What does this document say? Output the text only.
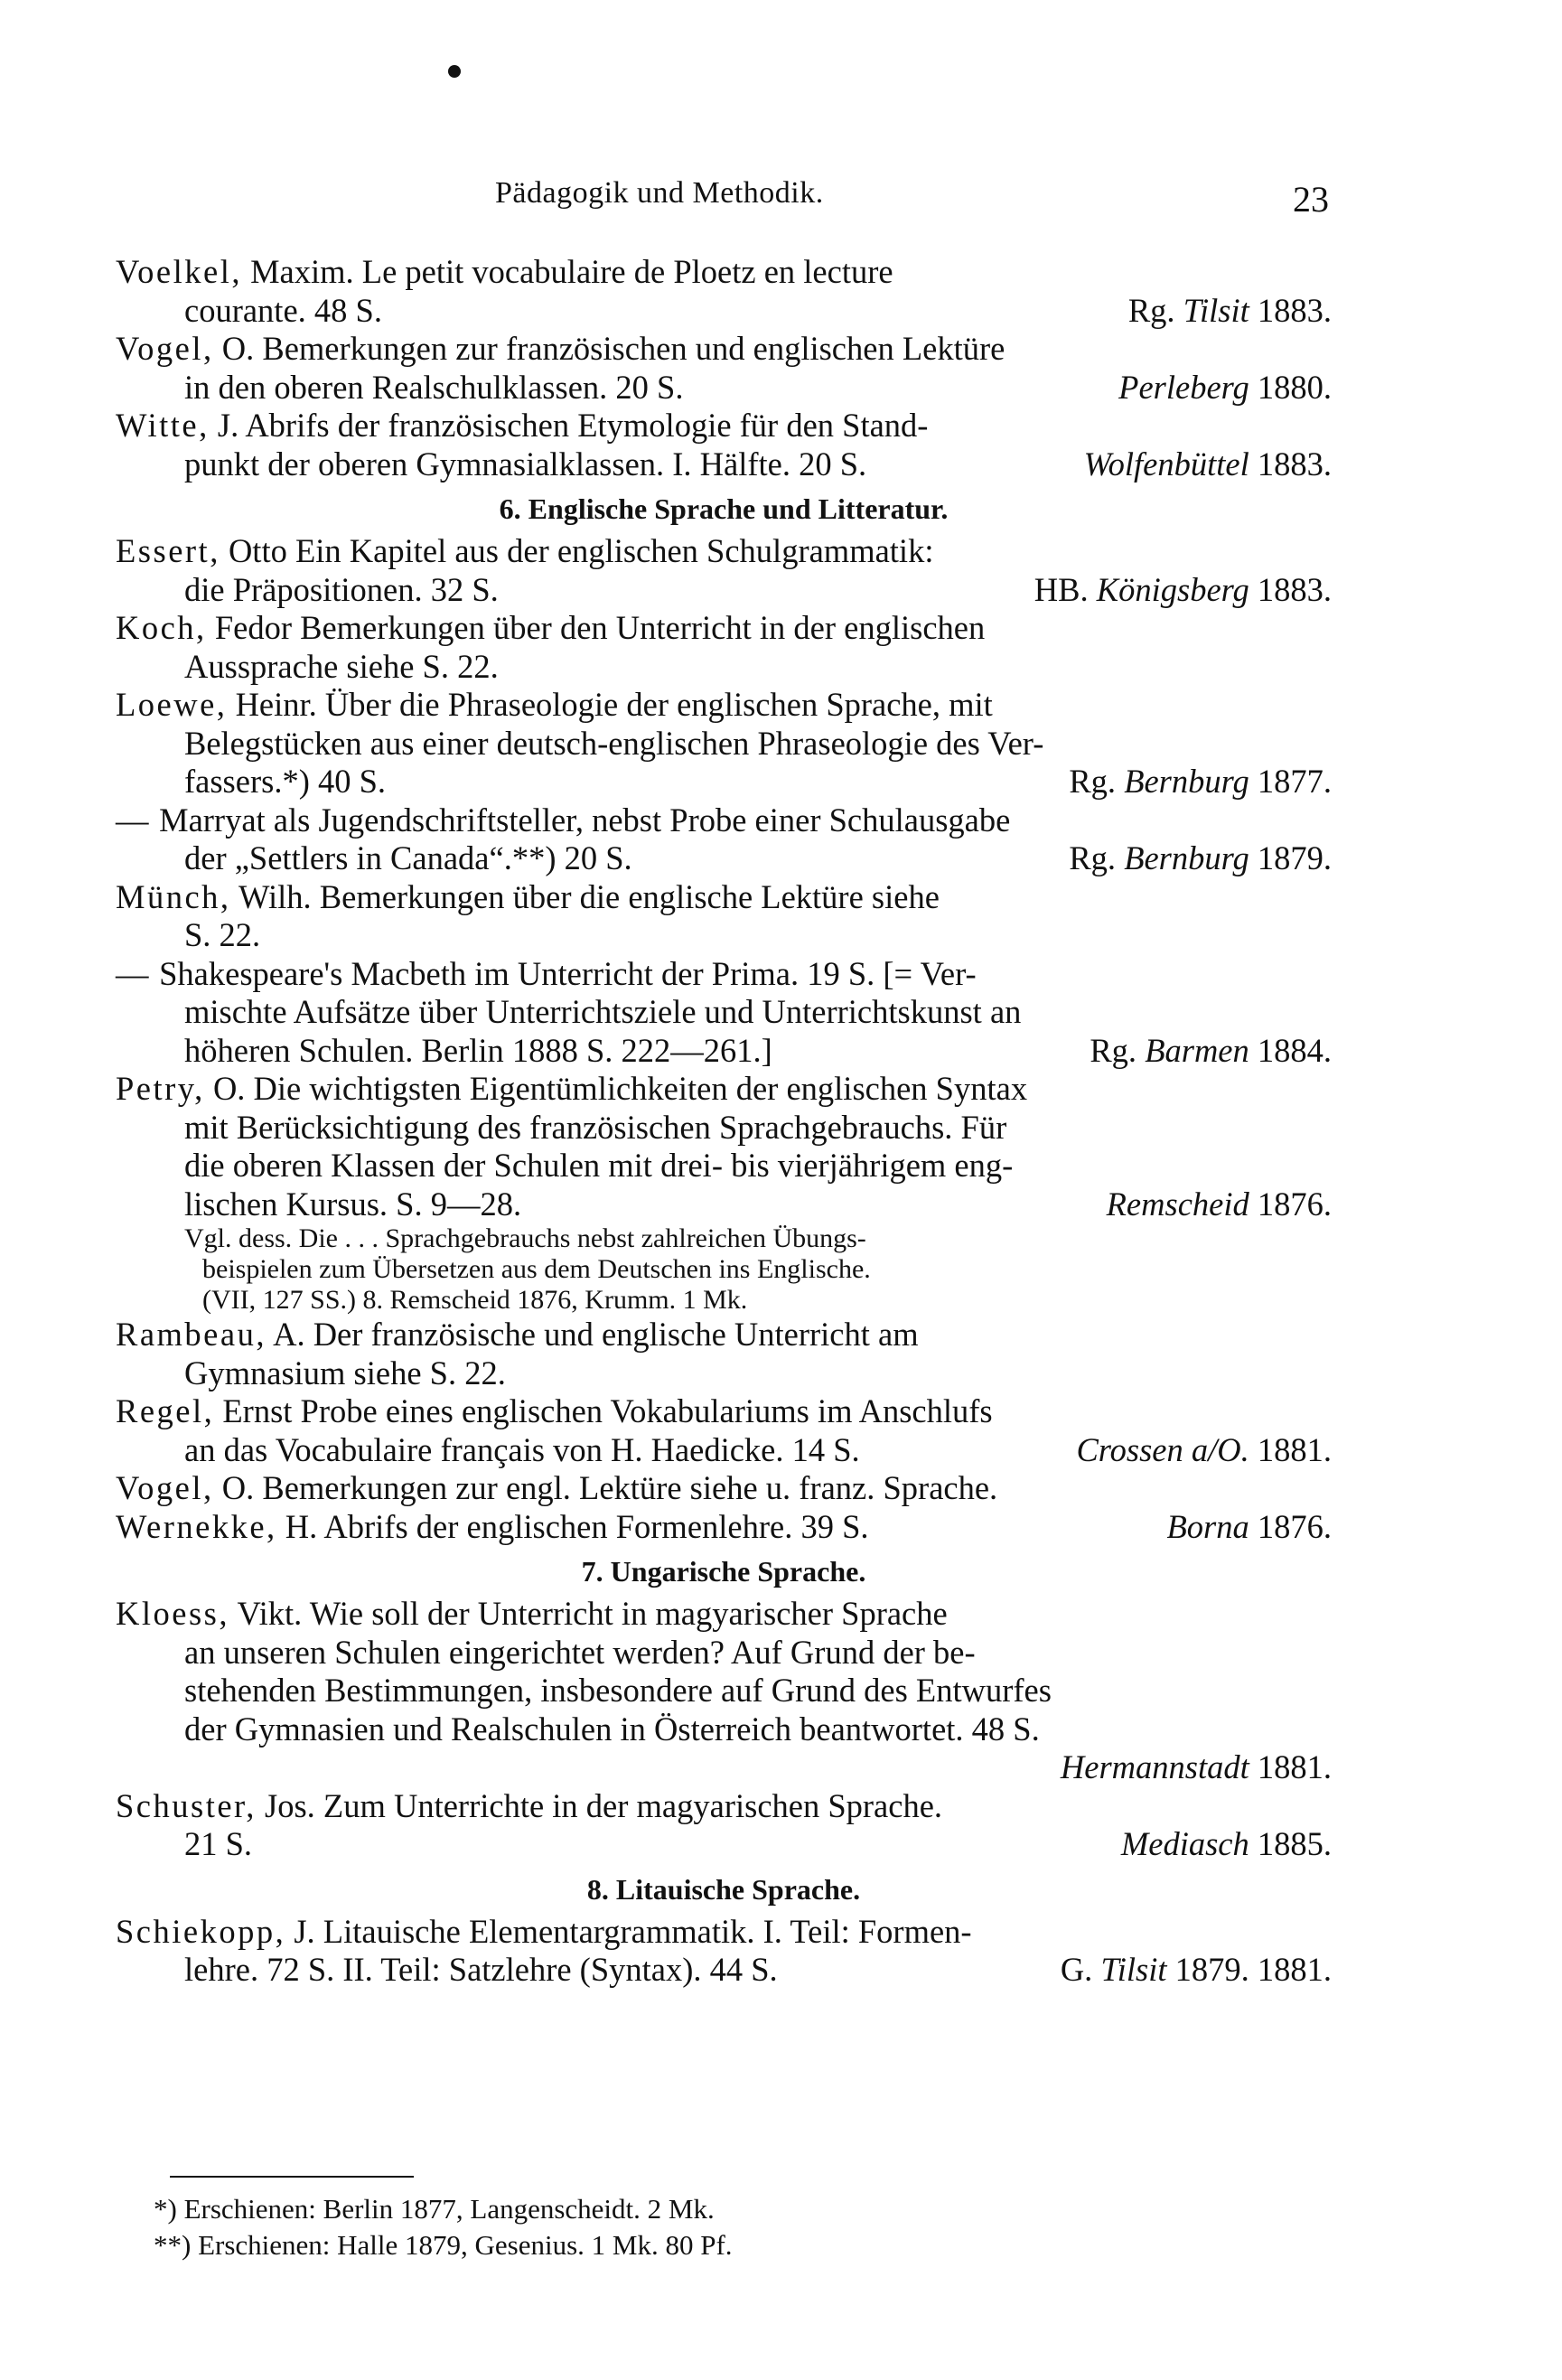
Pädagogik und Methodik.	23
Voelkel, Maxim. Le petit vocabulaire de Ploetz en lecture
courante. 48 S.	Rg. Tilsit 1883.
Vogel, O. Bemerkungen zur französischen und englischen Lektüre
in den oberen Realschulklassen. 20 S.	Perleberg 1880.
Witte, J. Abrifs der französischen Etymologie für den Stand-
punkt der oberen Gymnasialklassen. I. Hälfte. 20 S.	Wolfenbüttel 1883.
6. Englische Sprache und Litteratur.
Essert, Otto Ein Kapitel aus der englischen Schulgrammatik:
die Präpositionen. 32 S.	HB. Königsberg 1883.
Koch, Fedor Bemerkungen über den Unterricht in der englischen
Aussprache siehe S. 22.
Loewe, Heinr. Über die Phraseologie der englischen Sprache, mit
Belegstücken aus einer deutsch-englischen Phraseologie des Ver-
fassers.*) 40 S.	Rg. Bernburg 1877.
— Marryat als Jugendschriftsteller, nebst Probe einer Schulausgabe
der „Settlers in Canada“.**) 20 S.	Rg. Bernburg 1879.
Münch, Wilh. Bemerkungen über die englische Lektüre siehe
S. 22.
— Shakespeare's Macbeth im Unterricht der Prima. 19 S. [= Ver-
mischte Aufsätze über Unterrichtsziele und Unterrichtskunst an
höheren Schulen. Berlin 1888 S. 222—261.]	Rg. Barmen 1884.
Petry, O. Die wichtigsten Eigentümlichkeiten der englischen Syntax
mit Berücksichtigung des französischen Sprachgebrauchs. Für
die oberen Klassen der Schulen mit drei- bis vierjährigem eng-
lischen Kursus. S. 9—28.	Remscheid 1876.
Vgl. dess. Die . . . Sprachgebrauchs nebst zahlreichen Übungs-
beispielen zum Übersetzen aus dem Deutschen ins Englische.
(VII, 127 SS.) 8. Remscheid 1876, Krumm. 1 Mk.
Rambeau, A. Der französische und englische Unterricht am
Gymnasium siehe S. 22.
Regel, Ernst Probe eines englischen Vokabulariums im Anschlufs
an das Vocabulaire français von H. Haedicke. 14 S.	Crossen a/O. 1881.
Vogel, O. Bemerkungen zur engl. Lektüre siehe u. franz. Sprache.
Wernekke, H. Abrifs der englischen Formenlehre. 39 S.	Borna 1876.
7. Ungarische Sprache.
Kloess, Vikt. Wie soll der Unterricht in magyarischer Sprache
an unseren Schulen eingerichtet werden? Auf Grund der be-
stehenden Bestimmungen, insbesondere auf Grund des Entwurfes
der Gymnasien und Realschulen in Österreich beantwortet. 48 S.

Hermannstadt 1881.
Schuster, Jos. Zum Unterrichte in der magyarischen Sprache.
21 S.	Mediasch 1885.
8. Litauische Sprache.
Schiekopp, J. Litauische Elementargrammatik. I. Teil: Formen-
lehre. 72 S. II. Teil: Satzlehre (Syntax). 44 S.	G. Tilsit 1879. 1881.
*) Erschienen: Berlin 1877, Langenscheidt. 2 Mk.
**) Erschienen: Halle 1879, Gesenius. 1 Mk. 80 Pf.
